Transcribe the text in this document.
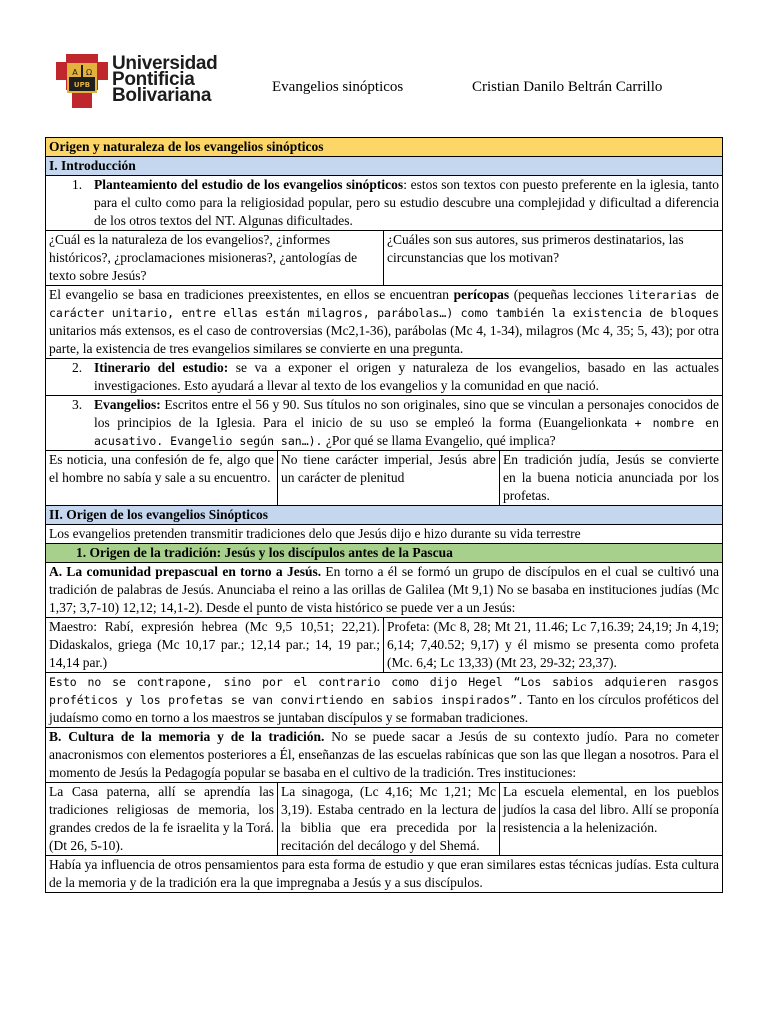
A Ω
UPB
Universidad
Pontificia
Bolivariana	Evangelios sinópticos	Cristian Danilo Beltrán Carrillo
Origen y naturaleza de los evangelios sinópticos			
I. Introducción			

1. Planteamiento del estudio de los evangelios sinópticos: estos son textos con puesto preferente en la iglesia, tanto para el culto como para la religiosidad popular, pero su estudio descubre una complejidad y dificultad a diferencia de los otros textos del NT. Algunas dificultades.			
¿Cuál es la naturaleza de los evangelios?, ¿informes históricos?, ¿proclamaciones misioneras?, ¿antologías de texto sobre Jesús?		¿Cuáles son sus autores, sus primeros destinatarios, las circunstancias que los motivan?	
El evangelio se basa en tradiciones preexistentes, en ellos se encuentran perícopas (pequeñas lecciones literarias de carácter unitario, entre ellas están milagros, parábolas…) como también la existencia de bloques unitarios más extensos, es el caso de controversias (Mc2,1-36), parábolas (Mc 4, 1-34), milagros (Mc 4, 35; 5, 43); por otra parte, la existencia de tres evangelios similares se convierte en una pregunta.			

2. Itinerario del estudio: se va a exponer el origen y naturaleza de los evangelios, basado en las actuales investigaciones. Esto ayudará a llevar al texto de los evangelios y la comunidad en que nació.			

3. Evangelios: Escritos entre el 56 y 90. Sus títulos no son originales, sino que se vinculan a personajes conocidos de los principios de la Iglesia. Para el inicio de su uso se empleó la forma (Euangelionkata + nombre en acusativo. Evangelio según san…). ¿Por qué se llama Evangelio, qué implica?			
Es noticia, una confesión de fe, algo que el hombre no sabía y sale a su encuentro.	No tiene carácter imperial, Jesús abre un carácter de plenitud		En tradición judía, Jesús se convierte en la buena noticia anunciada por los profetas.
II. Origen de los evangelios Sinópticos			
Los evangelios pretenden transmitir tradiciones delo que Jesús dijo e hizo durante su vida terrestre			
1. Origen de la tradición: Jesús y los discípulos antes de la Pascua			
A. La comunidad prepascual en torno a Jesús. En torno a él se formó un grupo de discípulos en el cual se cultivó una tradición de palabras de Jesús. Anunciaba el reino a las orillas de Galilea (Mt 9,1) No se basaba en instituciones judías (Mc 1,37; 3,7-10) 12,12; 14,1-2). Desde el punto de vista histórico se puede ver a un Jesús:			
Maestro: Rabí, expresión hebrea (Mc 9,5 10,51; 22,21). Didaskalos, griega (Mc 10,17 par.; 12,14 par.; 14, 19 par.; 14,14 par.)		Profeta: (Mc 8, 28; Mt 21, 11.46; Lc 7,16.39; 24,19; Jn 4,19; 6,14; 7,40.52; 9,17) y él mismo se presenta como profeta (Mc. 6,4; Lc 13,33) (Mt 23, 29-32; 23,37).	
Esto no se contrapone, sino por el contrario como dijo Hegel “Los sabios adquieren rasgos proféticos y los profetas se van convirtiendo en sabios inspirados”. Tanto en los círculos proféticos del judaísmo como en torno a los maestros se juntaban discípulos y se formaban tradiciones.			
B. Cultura de la memoria y de la tradición. No se puede sacar a Jesús de su contexto judío. Para no cometer anacronismos con elementos posteriores a Él, enseñanzas de las escuelas rabínicas que son las que llegan a nosotros. Para el momento de Jesús la Pedagogía popular se basaba en el cultivo de la tradición. Tres instituciones:			
La Casa paterna, allí se aprendía las tradiciones religiosas de memoria, los grandes credos de la fe israelita y la Torá. (Dt 26, 5-10).	La sinagoga, (Lc 4,16; Mc 1,21; Mc 3,19). Estaba centrado en la lectura de la biblia que era precedida por la recitación del decálogo y del Shemá.		La escuela elemental, en los pueblos judíos la casa del libro. Allí se proponía resistencia a la helenización.
Había ya influencia de otros pensamientos para esta forma de estudio y que eran similares estas técnicas judías. Esta cultura de la memoria y de la tradición era la que impregnaba a Jesús y a sus discípulos.			
